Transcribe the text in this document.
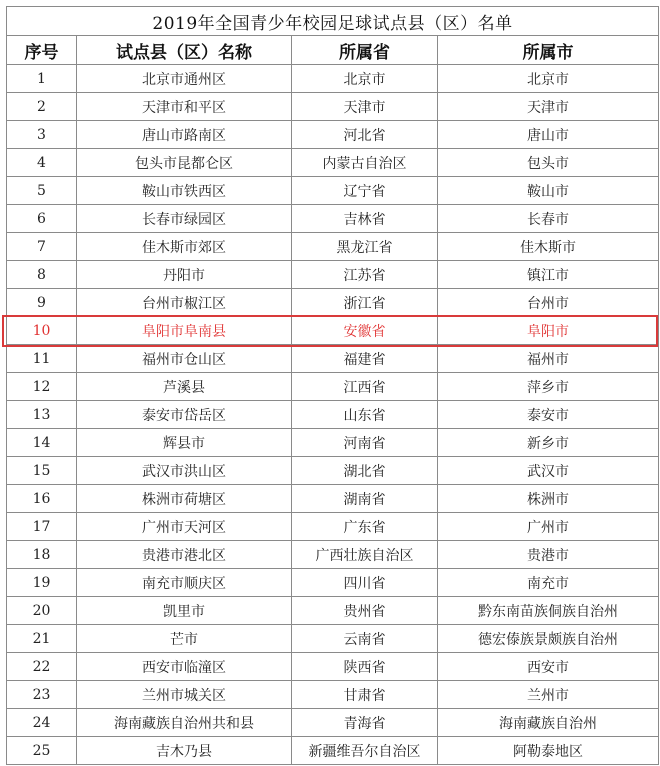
2019年全国青少年校园足球试点县（区）名单			
序号	试点县（区）名称	所属省	所属市
1	北京市通州区	北京市	北京市
2	天津市和平区	天津市	天津市
3	唐山市路南区	河北省	唐山市
4	包头市昆都仑区	内蒙古自治区	包头市
5	鞍山市铁西区	辽宁省	鞍山市
6	长春市绿园区	吉林省	长春市
7	佳木斯市郊区	黑龙江省	佳木斯市
8	丹阳市	江苏省	镇江市
9	台州市椒江区	浙江省	台州市
10	阜阳市阜南县	安徽省	阜阳市
11	福州市仓山区	福建省	福州市
12	芦溪县	江西省	萍乡市
13	泰安市岱岳区	山东省	泰安市
14	辉县市	河南省	新乡市
15	武汉市洪山区	湖北省	武汉市
16	株洲市荷塘区	湖南省	株洲市
17	广州市天河区	广东省	广州市
18	贵港市港北区	广西壮族自治区	贵港市
19	南充市顺庆区	四川省	南充市
20	凯里市	贵州省	黔东南苗族侗族自治州
21	芒市	云南省	德宏傣族景颇族自治州
22	西安市临潼区	陕西省	西安市
23	兰州市城关区	甘肃省	兰州市
24	海南藏族自治州共和县	青海省	海南藏族自治州
25	吉木乃县	新疆维吾尔自治区	阿勒泰地区
